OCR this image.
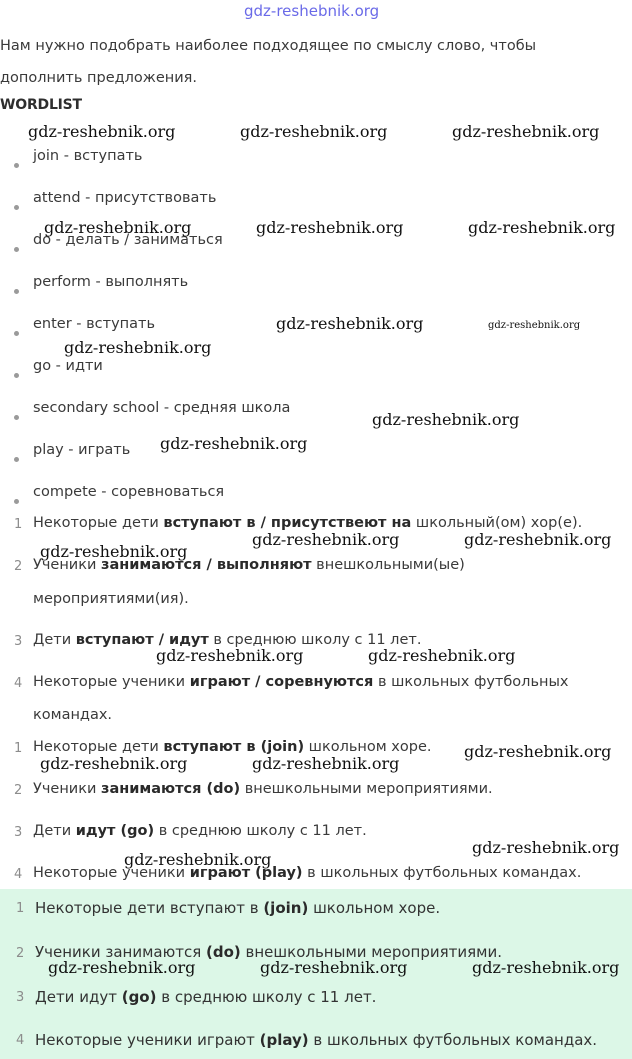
gdz-reshebnik.org
Нам нужно подобрать наиболее подходящее по смыслу слово, чтобы
дополнить предложения.
WORDLIST
join - вступать
attend - присутствовать
do - делать / заниматься
perform - выполнять
enter - вступать
go - идти
secondary school - средняя школа
play - играть
compete - соревноваться
1 Некоторые дети вступают в / присутствеют на школьный(ом) хор(е).
2 Ученики занимаются / выполняют внешкольными(ые)
мероприятиями(ия).
3 Дети вступают / идут в среднюю школу с 11 лет.
4 Некоторые ученики играют / соревнуются в школьных футбольных
командах.
1 Некоторые дети вступают в (join) школьном хоре.
2 Ученики занимаются (do) внешкольными мероприятиями.
3 Дети идут (go) в среднюю школу с 11 лет.
4 Некоторые ученики играют (play) в школьных футбольных командах.
1 Некоторые дети вступают в (join) школьном хоре.
2 Ученики занимаются (do) внешкольными мероприятиями.
3 Дети идут (go) в среднюю школу с 11 лет.
4 Некоторые ученики играют (play) в школьных футбольных командах.
gdz-reshebnik.org	gdz-reshebnik.org	gdz-reshebnik.org
gdz-reshebnik.org	gdz-reshebnik.org	gdz-reshebnik.org
gdz-reshebnik.org	gdz-reshebnik.org
gdz-reshebnik.org
gdz-reshebnik.org
gdz-reshebnik.org
gdz-reshebnik.org	gdz-reshebnik.org
gdz-reshebnik.org
gdz-reshebnik.org	gdz-reshebnik.org
gdz-reshebnik.org
gdz-reshebnik.org	gdz-reshebnik.org
gdz-reshebnik.org
gdz-reshebnik.org
gdz-reshebnik.org	gdz-reshebnik.org	gdz-reshebnik.org
